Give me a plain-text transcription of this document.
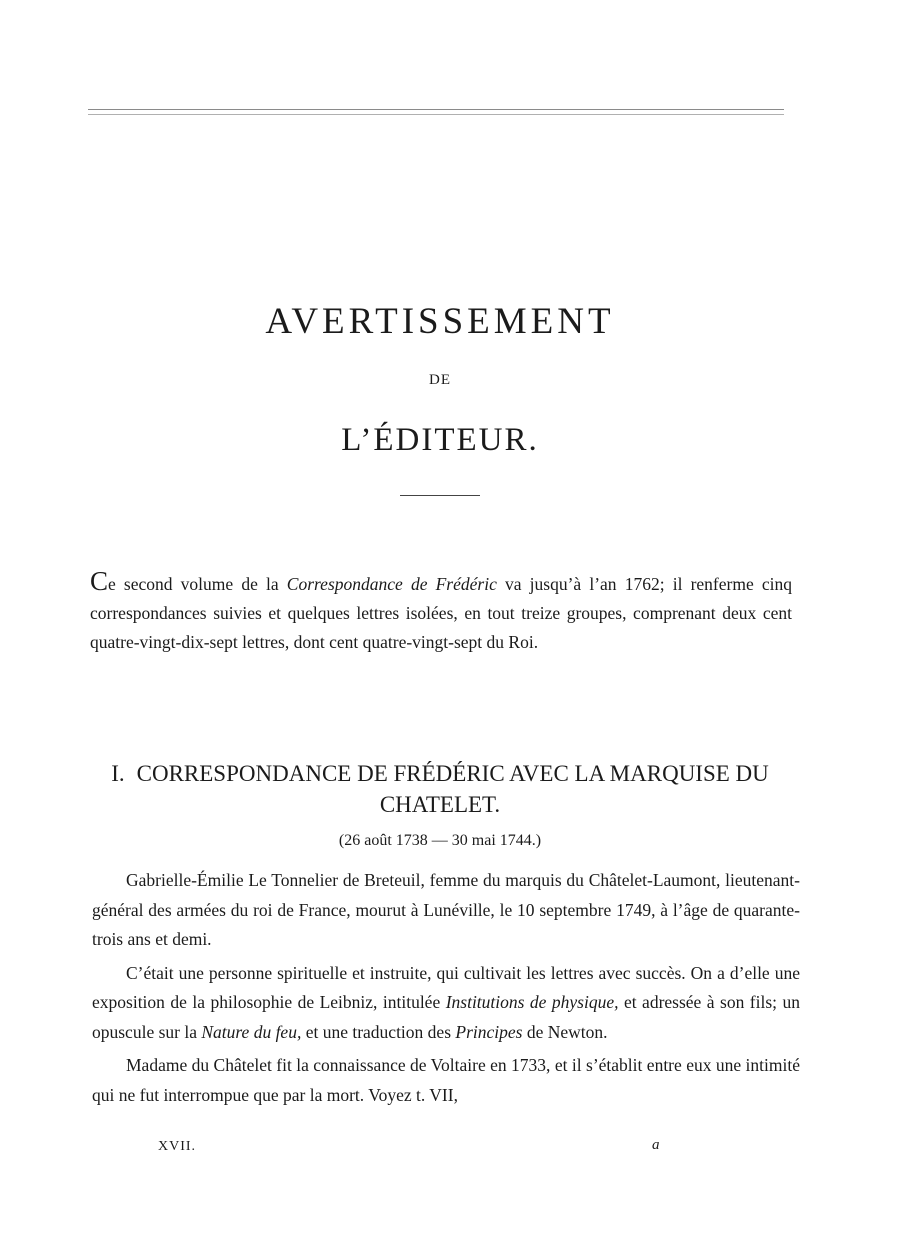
AVERTISSEMENT
DE
L’ÉDITEUR.

Ce second volume de la Correspondance de Frédéric va jusqu’à l’an 1762; il renferme cinq correspondances suivies et quelques lettres isolées, en tout treize groupes, comprenant deux cent quatre-vingt-dix-sept lettres, dont cent quatre-vingt-sept du Roi.

I. CORRESPONDANCE DE FRÉDÉRIC AVEC LA MARQUISE DU CHATELET.
(26 août 1738 — 30 mai 1744.)

Gabrielle-Émilie Le Tonnelier de Breteuil, femme du marquis du Châtelet-Laumont, lieutenant-général des armées du roi de France, mourut à Lunéville, le 10 septembre 1749, à l’âge de quarante-trois ans et demi.

C’était une personne spirituelle et instruite, qui cultivait les lettres avec succès. On a d’elle une exposition de la philosophie de Leibniz, intitulée Institutions de physique, et adressée à son fils; un opuscule sur la Nature du feu, et une traduction des Principes de Newton.

Madame du Châtelet fit la connaissance de Voltaire en 1733, et il s’établit entre eux une intimité qui ne fut interrompue que par la mort. Voyez t. VII,

XVII.	a
